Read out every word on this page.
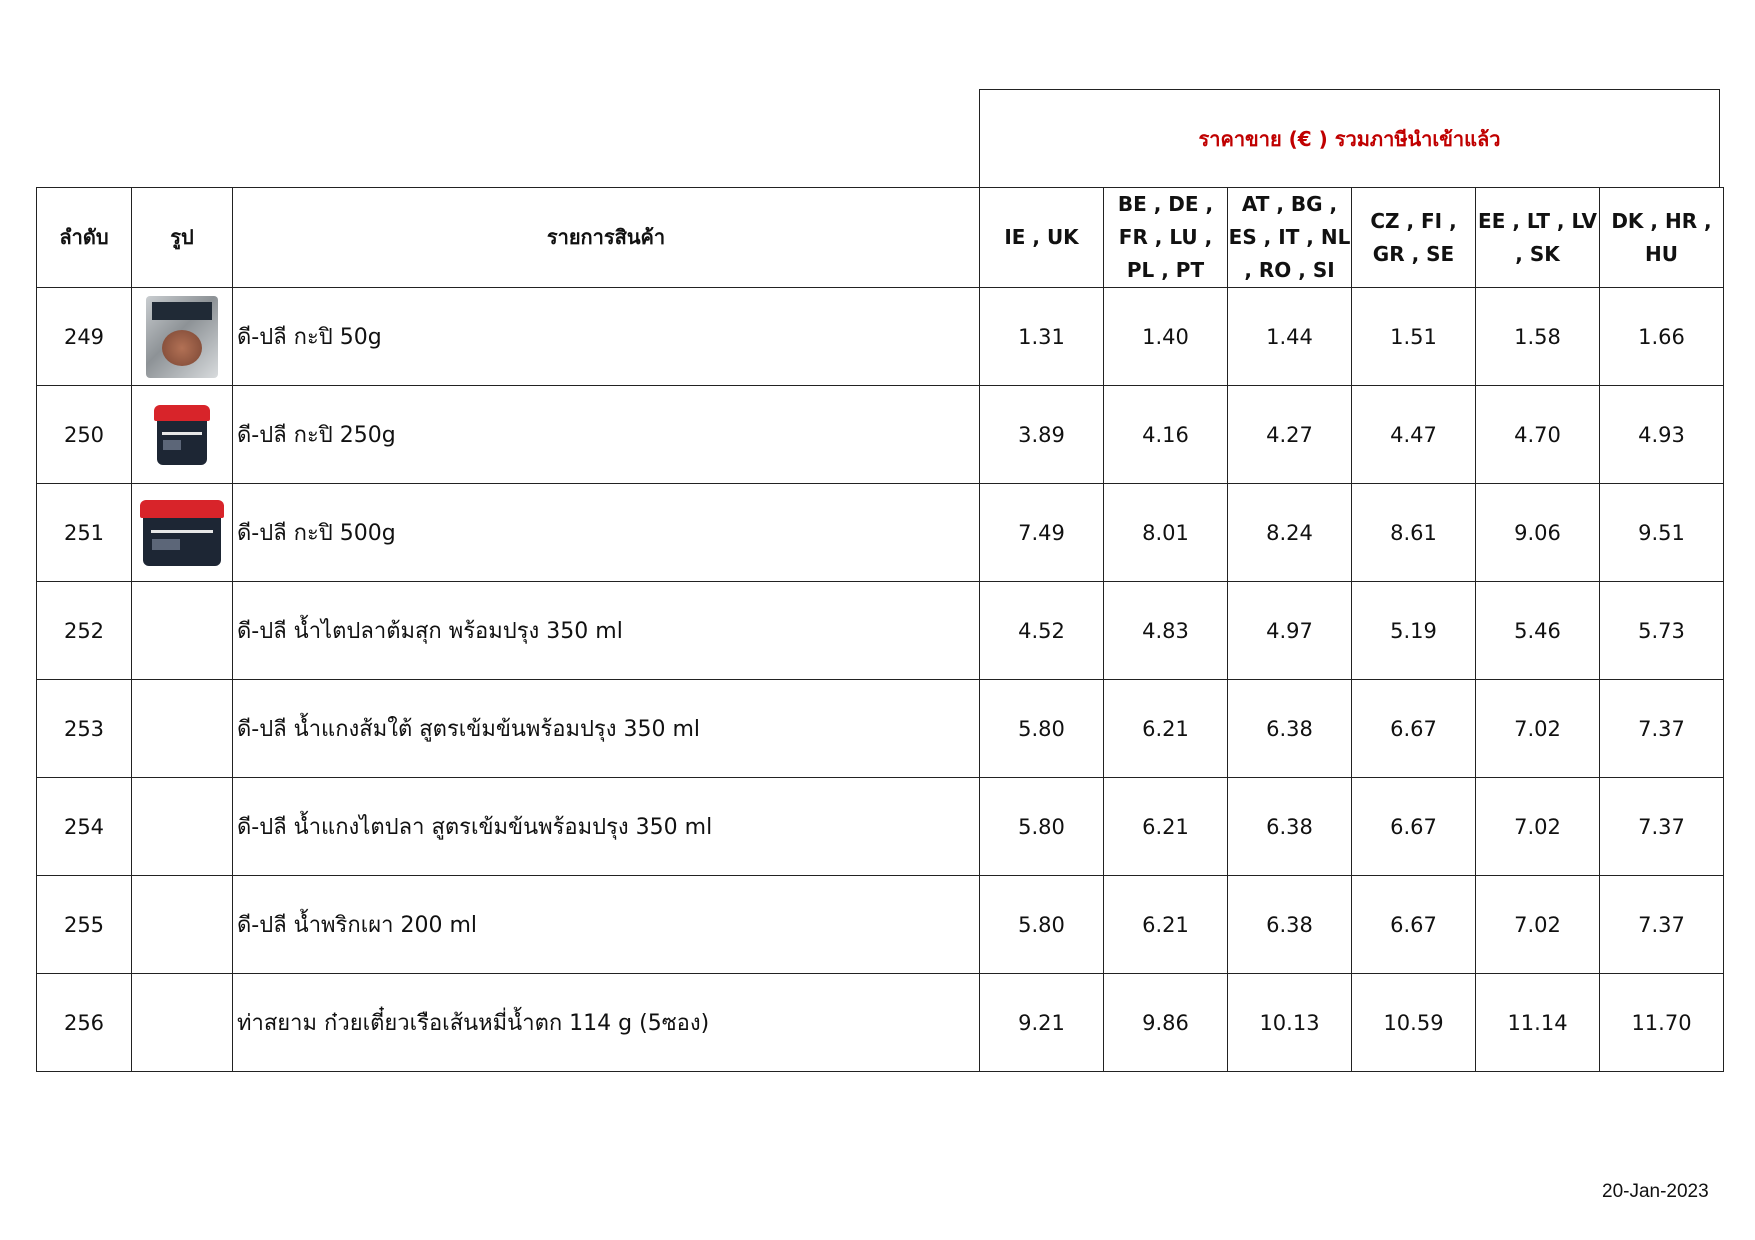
ราคาขาย (€ ) รวมภาษีนำเข้าแล้ว
ลำดับ	รูป	รายการสินค้า	IE , UK	BE , DE , FR , LU , PL , PT	AT , BG , ES , IT , NL , RO , SI	CZ , FI , GR , SE	EE , LT , LV , SK	DK , HR , HU
249		ดี-ปลี กะปิ 50g	1.31	1.40	1.44	1.51	1.58	1.66
250		ดี-ปลี กะปิ 250g	3.89	4.16	4.27	4.47	4.70	4.93
251		ดี-ปลี กะปิ 500g	7.49	8.01	8.24	8.61	9.06	9.51
252		ดี-ปลี น้ำไตปลาต้มสุก พร้อมปรุง 350 ml	4.52	4.83	4.97	5.19	5.46	5.73
253		ดี-ปลี น้ำแกงส้มใต้ สูตรเข้มข้นพร้อมปรุง 350 ml	5.80	6.21	6.38	6.67	7.02	7.37
254		ดี-ปลี น้ำแกงไตปลา สูตรเข้มข้นพร้อมปรุง 350 ml	5.80	6.21	6.38	6.67	7.02	7.37
255		ดี-ปลี น้ำพริกเผา 200 ml	5.80	6.21	6.38	6.67	7.02	7.37
256		ท่าสยาม ก๋วยเตี๋ยวเรือเส้นหมี่น้ำตก 114 g (5ซอง)	9.21	9.86	10.13	10.59	11.14	11.70
20-Jan-2023
